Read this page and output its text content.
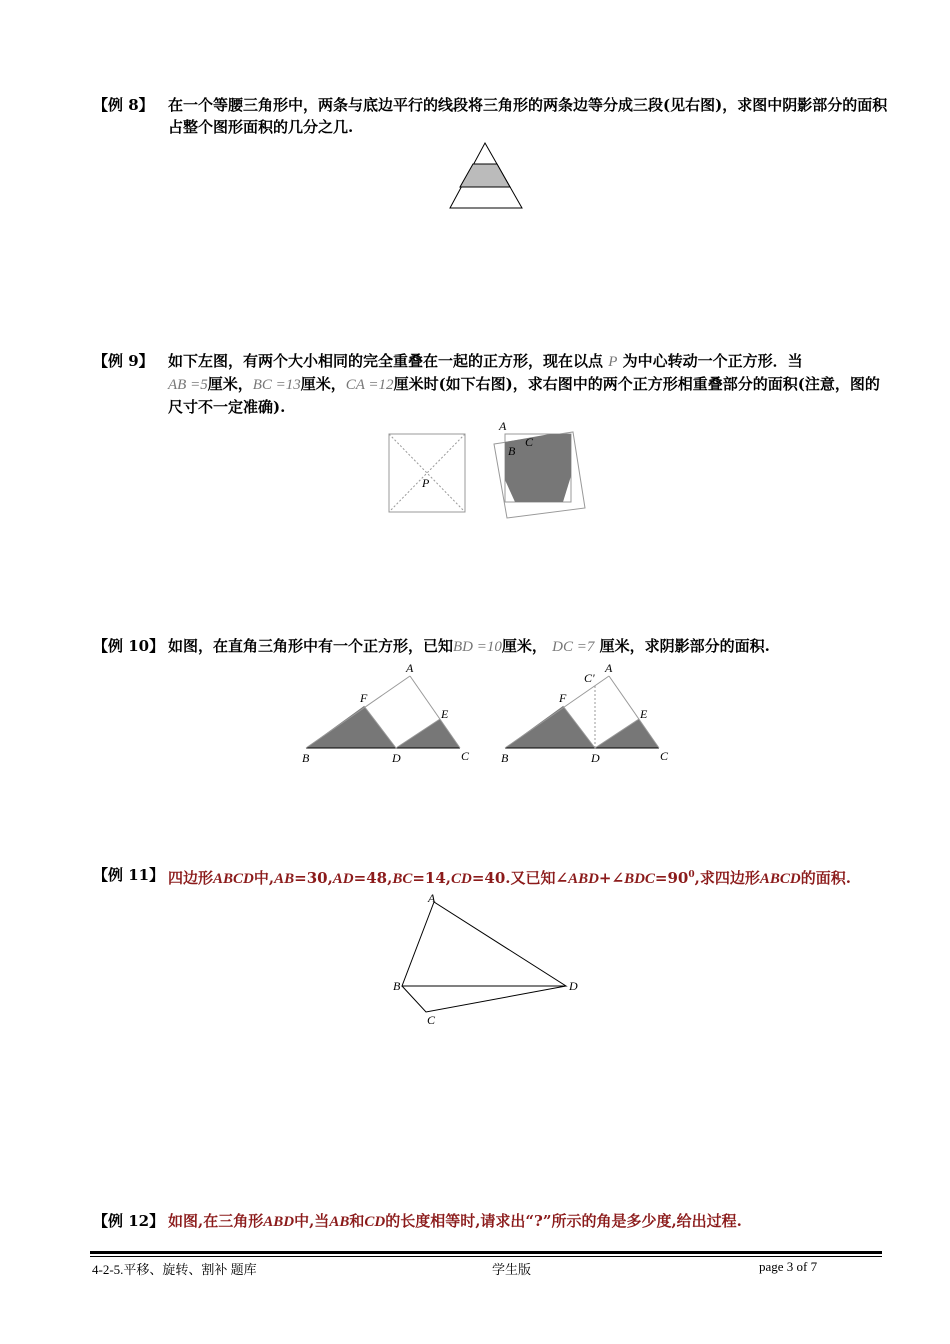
【例 8】 在一个等腰三角形中，两条与底边平行的线段将三角形的两条边等分成三段(见右图)，求图中阴影部分的面积占整个图形面积的几分之几.
【例 9】 如下左图，有两个大小相同的完全重叠在一起的正方形，现在以点 P 为中心转动一个正方形．当
AB =5厘米，BC =13厘米，CA =12厘米时(如下右图)，求右图中的两个正方形相重叠部分的面积(注意，图的尺寸不一定准确).
P
A
C
B
【例 10】 如图，在直角三角形中有一个正方形，已知BD =10厘米， DC =7 厘米，求阴影部分的面积.
A
F
E
B	D	C
A
C'
F
E
B	D	C
【例 11】 四边形ABCD中,AB=30,AD=48,BC=14,CD=40.又已知$\angle ABD+\angle BDC=90^0$,求四边形ABCD的面积.
A
B	D
C
【例 12】 如图,在三角形ABD中,当AB和CD的长度相等时,请求出“?”所示的角是多少度,给出过程.
4-2-5.平移、旋转、割补 题库	学生版	page 3 of 7
